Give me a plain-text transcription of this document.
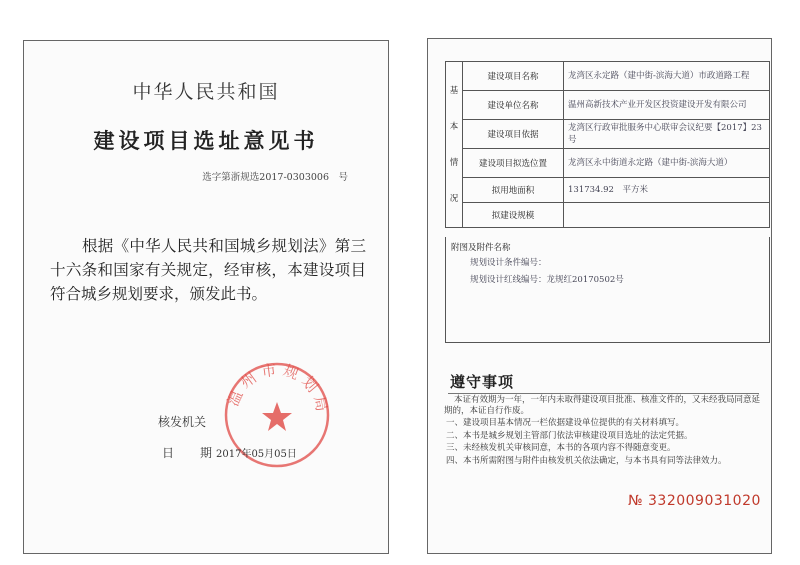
中华人民共和国
建设项目选址意见书
选字第浙规选2017-0303006　号
根据《中华人民共和国城乡规划法》第三十六条和国家有关规定，经审核，本建设项目符合城乡规划要求，颁发此书。
温州市规划局
核发机关
日期
2017年05月05日
基

本

情

况	建设项目名称	龙湾区永定路（建中街-滨海大道）市政道路工程
	建设单位名称	温州高新技术产业开发区投资建设开发有限公司
	建设项目依据	龙湾区行政审批服务中心联审会议纪要【2017】23号
	建设项目拟选位置	龙湾区永中街道永定路（建中街-滨海大道）
	拟用地面积	131734.92　平方米
	拟建设规模	
附图及附件名称
规划设计条件编号：
规划设计红线编号：龙规红20170502号
遵守事项
本证有效期为一年，一年内未取得建设项目批准、核准文件的，又未经我局同意延期的，本证自行作废。
一、建设项目基本情况一栏依据建设单位提供的有关材料填写。
二、本书是城乡规划主管部门依法审核建设项目选址的法定凭据。
三、未经核发机关审核同意，本书的各项内容不得随意变更。
四、本书所需附图与附件由核发机关依法确定，与本书具有同等法律效力。
№ 332009031020
